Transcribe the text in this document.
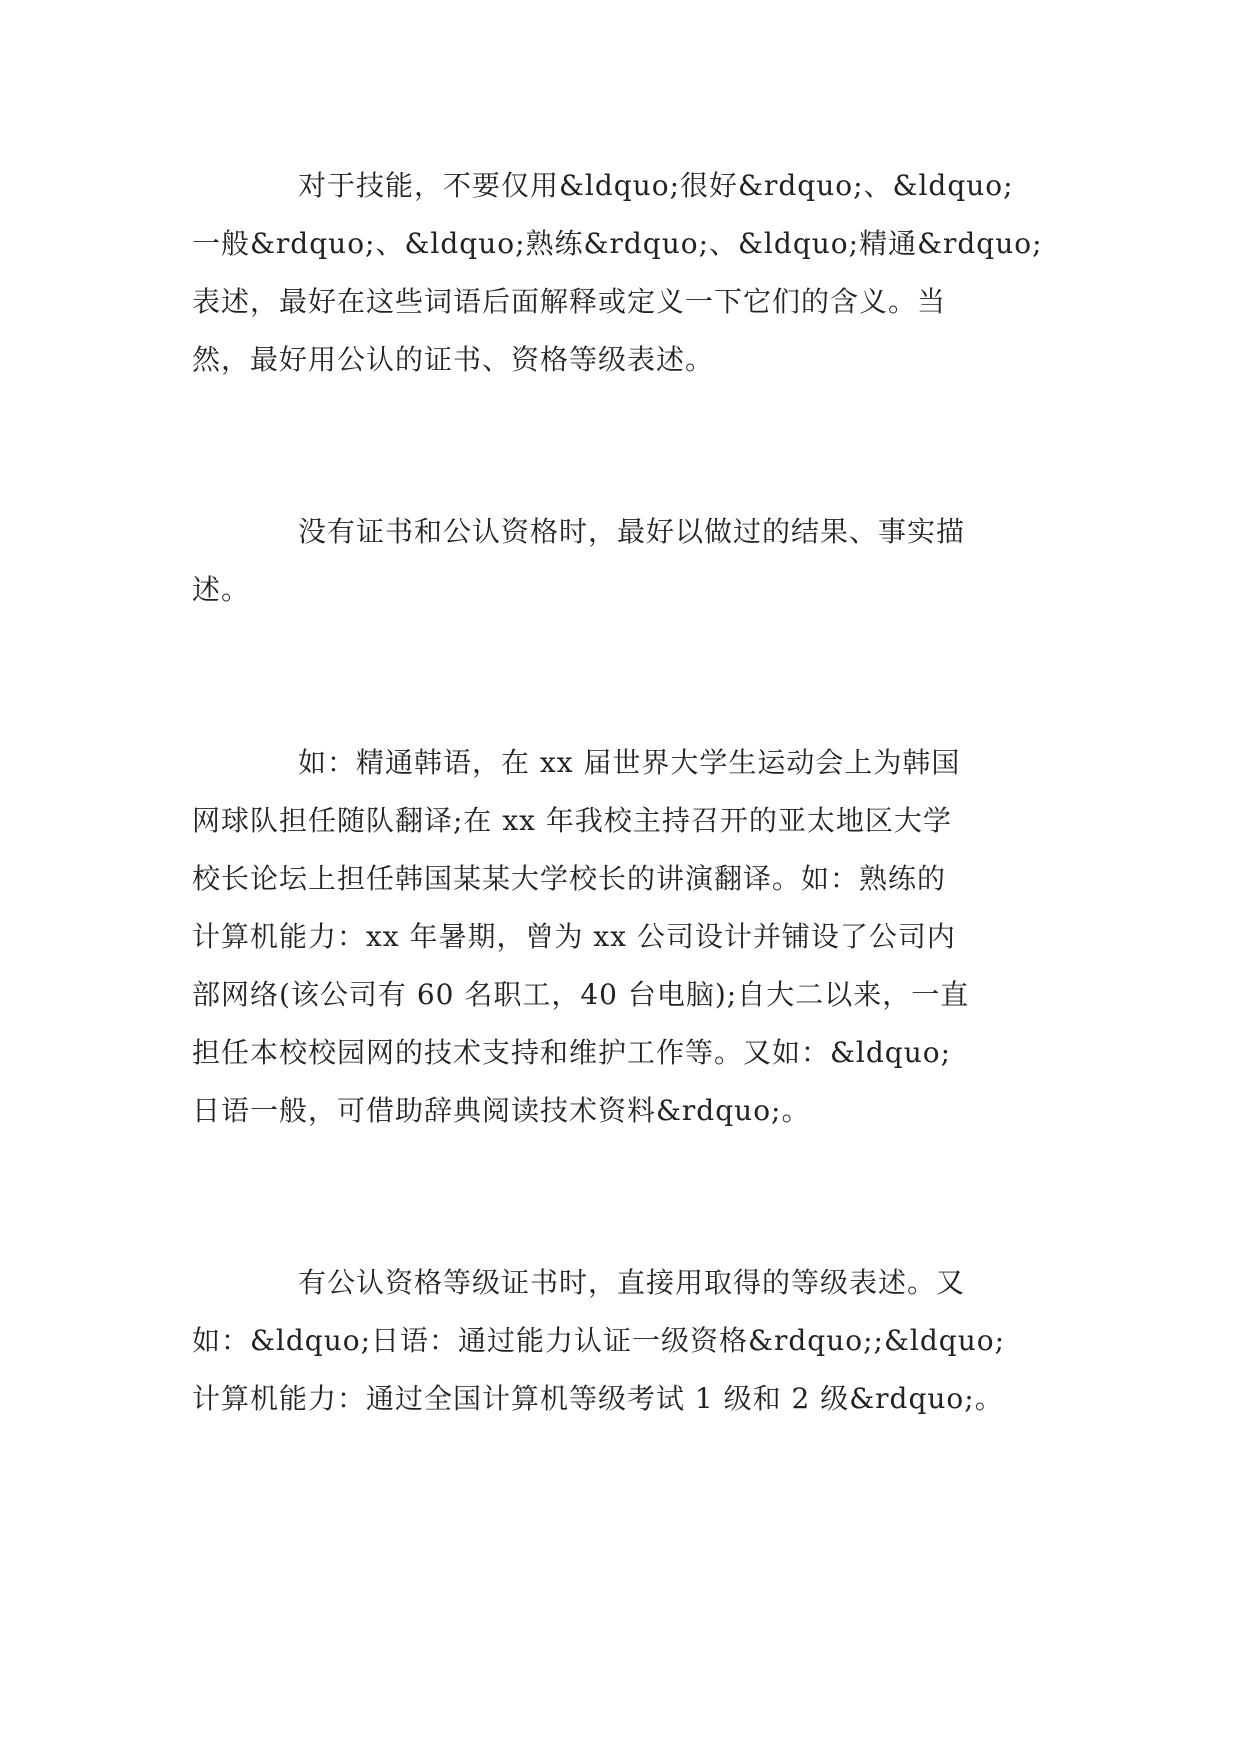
对于技能，不要仅用&ldquo;很好&rdquo;、&ldquo;

一般&rdquo;、&ldquo;熟练&rdquo;、&ldquo;精通&rdquo;

表述，最好在这些词语后面解释或定义一下它们的含义。当

然，最好用公认的证书、资格等级表述。

没有证书和公认资格时，最好以做过的结果、事实描

述。

如：精通韩语，在 xx 届世界大学生运动会上为韩国

网球队担任随队翻译;在 xx 年我校主持召开的亚太地区大学

校长论坛上担任韩国某某大学校长的讲演翻译。如：熟练的

计算机能力：xx 年暑期，曾为 xx 公司设计并铺设了公司内

部网络(该公司有 60 名职工，40 台电脑);自大二以来，一直

担任本校校园网的技术支持和维护工作等。又如：&ldquo;

日语一般，可借助辞典阅读技术资料&rdquo;。

有公认资格等级证书时，直接用取得的等级表述。又

如：&ldquo;日语：通过能力认证一级资格&rdquo;;&ldquo;

计算机能力：通过全国计算机等级考试 1 级和 2 级&rdquo;。
